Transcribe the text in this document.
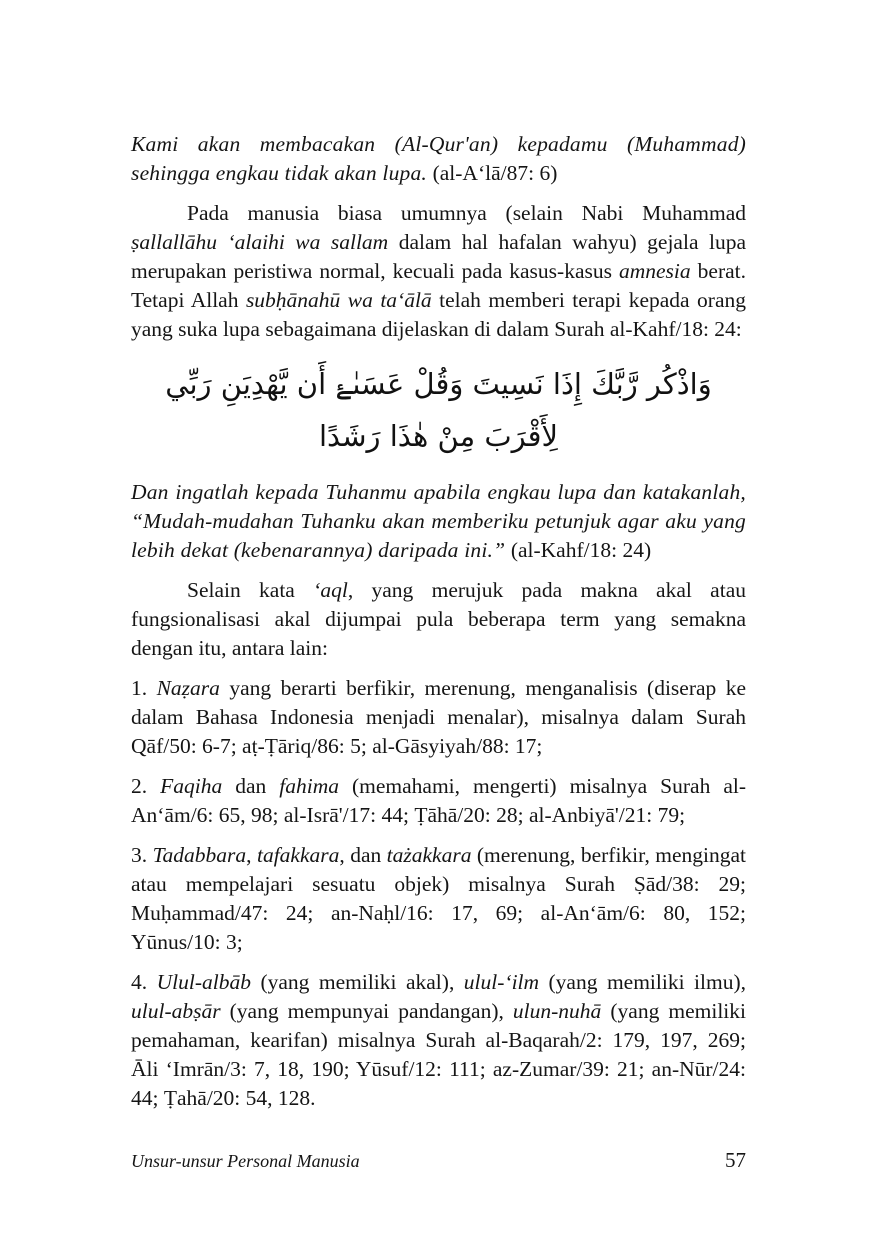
Kami akan membacakan (Al-Qur'an) kepadamu (Muhammad) sehingga engkau tidak akan lupa. (al-A‘lā/87: 6)

Pada manusia biasa umumnya (selain Nabi Muhammad ṣallallāhu ‘alaihi wa sallam dalam hal hafalan wahyu) gejala lupa merupakan peristiwa normal, kecuali pada kasus-kasus amnesia berat. Tetapi Allah subḥānahū wa ta‘ālā telah memberi terapi kepada orang yang suka lupa sebagaimana dijelaskan di dalam Surah al-Kahf/18: 24:

وَاذْكُر رَّبَّكَ إِذَا نَسِيتَ وَقُلْ عَسَىٰۓ أَن يَّهْدِيَنِ رَبِّي لِأَقْرَبَ مِنْ هٰذَا رَشَدًا

Dan ingatlah kepada Tuhanmu apabila engkau lupa dan katakanlah, “Mudah-mudahan Tuhanku akan memberiku petunjuk agar aku yang lebih dekat (kebenarannya) daripada ini.” (al-Kahf/18: 24)

Selain kata ‘aql, yang merujuk pada makna akal atau fungsionalisasi akal dijumpai pula beberapa term yang semakna dengan itu, antara lain:

1. Naẓara yang berarti berfikir, merenung, menganalisis (diserap ke dalam Bahasa Indonesia menjadi menalar), misalnya dalam Surah Qāf/50: 6-7; aṭ-Ṭāriq/86: 5; al-Gāsyiyah/88: 17;

2. Faqiha dan fahima (memahami, mengerti) misalnya Surah al-An‘ām/6: 65, 98; al-Isrā'/17: 44; Ṭāhā/20: 28; al-Anbiyā'/21: 79;

3. Tadabbara, tafakkara, dan tażakkara (merenung, berfikir, mengingat atau mempelajari sesuatu objek) misalnya Surah Ṣād/38: 29; Muḥammad/47: 24; an-Naḥl/16: 17, 69; al-An‘ām/6: 80, 152; Yūnus/10: 3;

4. Ulul-albāb (yang memiliki akal), ulul-‘ilm (yang memiliki ilmu), ulul-abṣār (yang mempunyai pandangan), ulun-nuhā (yang memiliki pemahaman, kearifan) misalnya Surah al-Baqarah/2: 179, 197, 269; Āli ‘Imrān/3: 7, 18, 190; Yūsuf/12: 111; az-Zumar/39: 21; an-Nūr/24: 44; Ṭahā/20: 54, 128.

Unsur-unsur Personal Manusia	57
